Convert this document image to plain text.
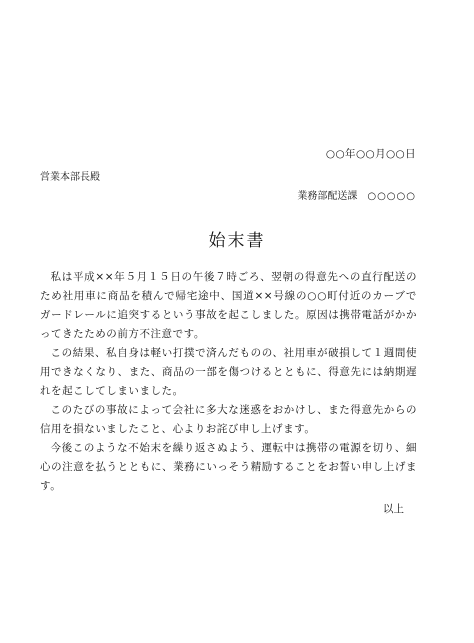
○○年○○月○○日
営業本部長殿
業務部配送課 ○○○○○
始末書

私は平成××年５月１５日の午後７時ごろ、翌朝の得意先への直行配送のため社用車に商品を積んで帰宅途中、国道××号線の○○町付近のカーブでガードレールに追突するという事故を起こしました。原因は携帯電話がかかってきたための前方不注意です。

この結果、私自身は軽い打撲で済んだものの、社用車が破損して１週間使用できなくなり、また、商品の一部を傷つけるとともに、得意先には納期遅れを起こしてしまいました。

このたびの事故によって会社に多大な迷惑をおかけし、また得意先からの信用を損ないましたこと、心よりお詫び申し上げます。

今後このような不始末を繰り返さぬよう、運転中は携帯の電源を切り、細心の注意を払うとともに、業務にいっそう精励することをお誓い申し上げます。

以上
